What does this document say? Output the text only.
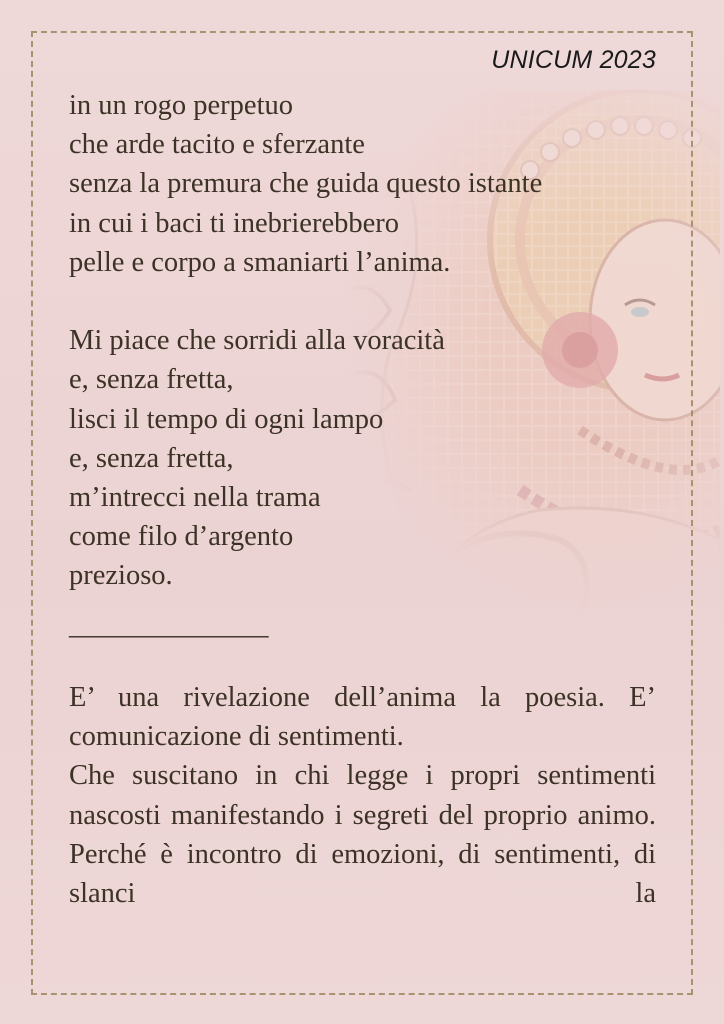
UNICUM 2023
in un rogo perpetuo
che arde tacito e sferzante
senza la premura che guida questo istante
in cui i baci ti inebrierebbero
pelle e corpo a smaniarti l’anima.
Mi piace che sorridi alla voracità
e, senza fretta,
lisci il tempo di ogni lampo
e, senza fretta,
m’intrecci nella trama
come filo d’argento
prezioso.
______________

E’ una rivelazione dell’anima la poesia. E’ comunicazione di sentimenti.

Che suscitano in chi legge i propri sentimenti nascosti manifestando i segreti del proprio animo. Perché è incontro di emozioni, di sentimenti, di slanci la
